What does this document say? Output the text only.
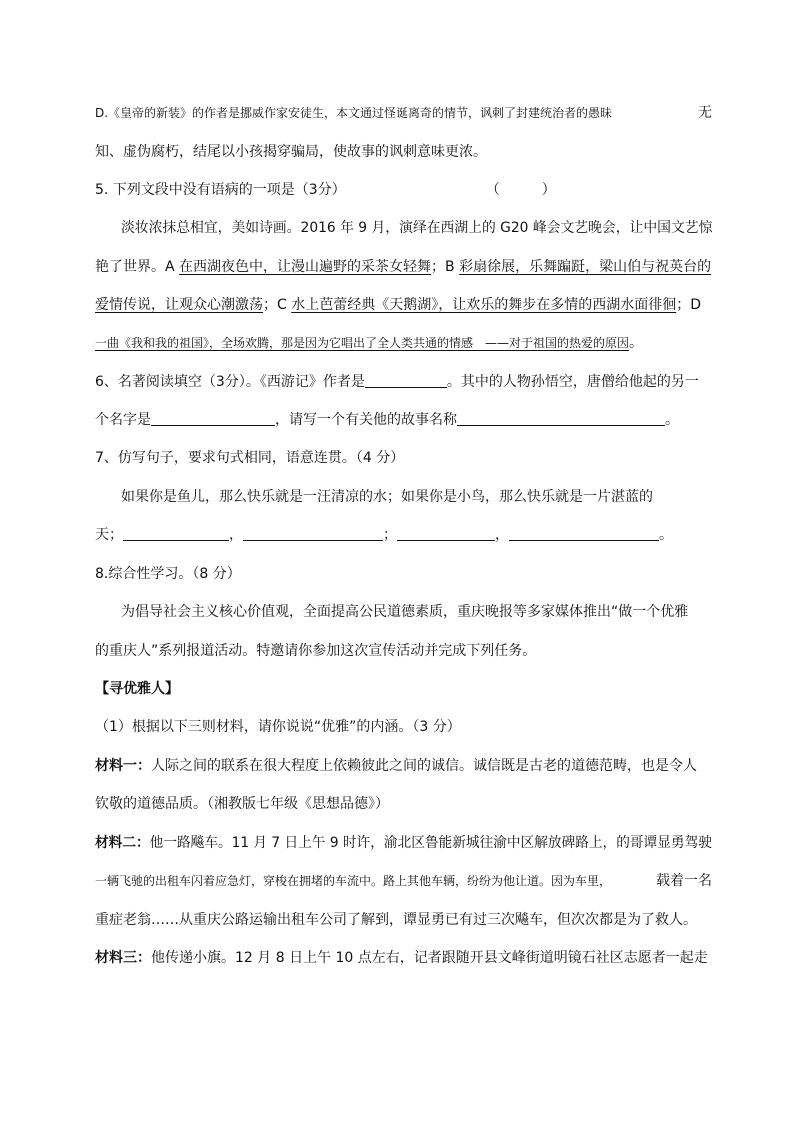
D.《皇帝的新装》的作者是挪威作家安徒生，本文通过怪诞离奇的情节，讽刺了封建统治者的愚昧	无
知、虚伪腐朽，结尾以小孩揭穿骗局，使故事的讽刺意味更浓。
5. 下列文段中没有语病的一项是（3分）	（　　　）
淡妆浓抹总相宜，美如诗画。2016 年 9 月，演绎在西湖上的 G20 峰会文艺晚会，让中国文艺惊
艳了世界。A 在西湖夜色中，让漫山遍野的采茶女轻舞；B 彩扇徐展，乐舞蹁跹，梁山伯与祝英台的
爱情传说，让观众心潮激荡；C 水上芭蕾经典《天鹅湖》，让欢乐的舞步在多情的西湖水面徘徊；D
一曲《我和我的祖国》，全场欢腾，那是因为它唱出了全人类共通的情感　——对于祖国的热爱的原因。
6、名著阅读填空（3分）。《西游记》作者是	。其中的人物孙悟空，唐僧给他起的另一
个名字是	，请写一个有关他的故事名称	。
7、仿写句子，要求句式相同，语意连贯。（4 分）
如果你是鱼儿，那么快乐就是一汪清凉的水；如果你是小鸟，那么快乐就是一片湛蓝的
天；	，	；	，	。
8.综合性学习。（8 分）
为倡导社会主义核心价值观，全面提高公民道德素质，重庆晚报等多家媒体推出“做一个优雅
的重庆人”系列报道活动。特邀请你参加这次宣传活动并完成下列任务。
【寻优雅人】
（1）根据以下三则材料，请你说说“优雅”的内涵。（3 分）
材料一：人际之间的联系在很大程度上依赖彼此之间的诚信。诚信既是古老的道德范畴，也是令人
钦敬的道德品质。（湘教版七年级《思想品德》）
材料二：他一路飚车。11 月 7 日上午 9 时许，渝北区鲁能新城往渝中区解放碑路上，的哥谭显勇驾驶
一辆飞驰的出租车闪着应急灯，穿梭在拥堵的车流中。路上其他车辆，纷纷为他让道。因为车里，	载着一名
重症老翁……从重庆公路运输出租车公司了解到，谭显勇已有过三次飚车，但次次都是为了救人。
材料三：他传递小旗。12 月 8 日上午 10 点左右，记者跟随开县文峰街道明镜石社区志愿者一起走
